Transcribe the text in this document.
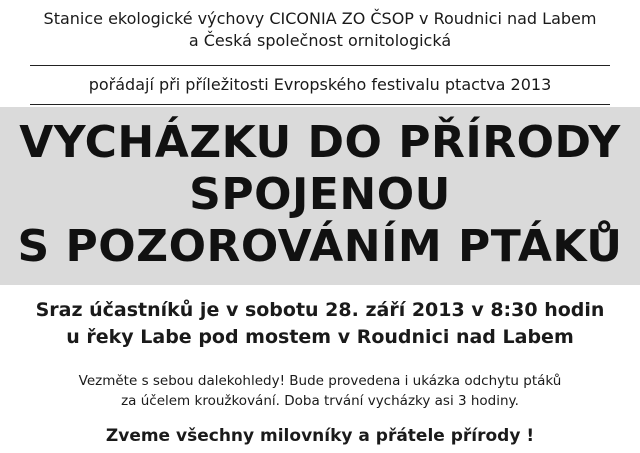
Stanice ekologické výchovy CICONIA ZO ČSOP v Roudnici nad Labem
a Česká společnost ornitologická
pořádají při příležitosti Evropského festivalu ptactva 2013
VYCHÁZKU DO PŘÍRODY
SPOJENOU
S POZOROVÁNÍM PTÁKŮ
Sraz účastníků je v sobotu 28. září 2013 v 8:30 hodin
u řeky Labe pod mostem v Roudnici nad Labem
Vezměte s sebou dalekohledy! Bude provedena i ukázka odchytu ptáků
za účelem kroužkování. Doba trvání vycházky asi 3 hodiny.
Zveme všechny milovníky a přátele přírody !
